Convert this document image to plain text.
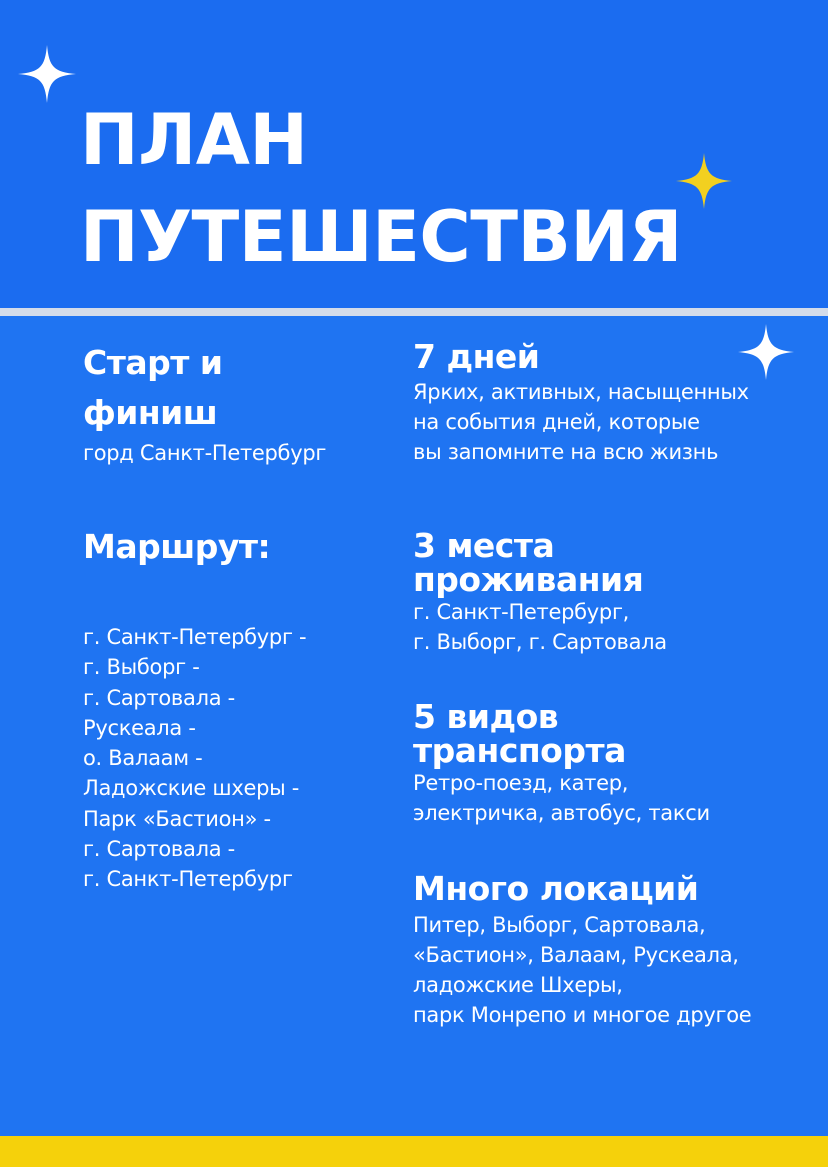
ПЛАН
ПУТЕШЕСТВИЯ
Старт и
финиш
горд Санкт-Петербург
Маршрут:
г. Санкт-Петербург -
г. Выборг -
г. Сартовала -
Рускеала -
о. Валаам -
Ладожские шхеры -
Парк «Бастион» -
г. Сартовала -
г. Санкт-Петербург
7 дней
Ярких, активных, насыщенных
на события дней, которые
вы запомните на всю жизнь
3 места
проживания
г. Санкт-Петербург,
г. Выборг, г. Сартовала
5 видов
транспорта
Ретро-поезд, катер,
электричка, автобус, такси
Много локаций
Питер, Выборг, Сартовала,
«Бастион», Валаам, Рускеала,
ладожские Шхеры,
парк Монрепо и многое другое
